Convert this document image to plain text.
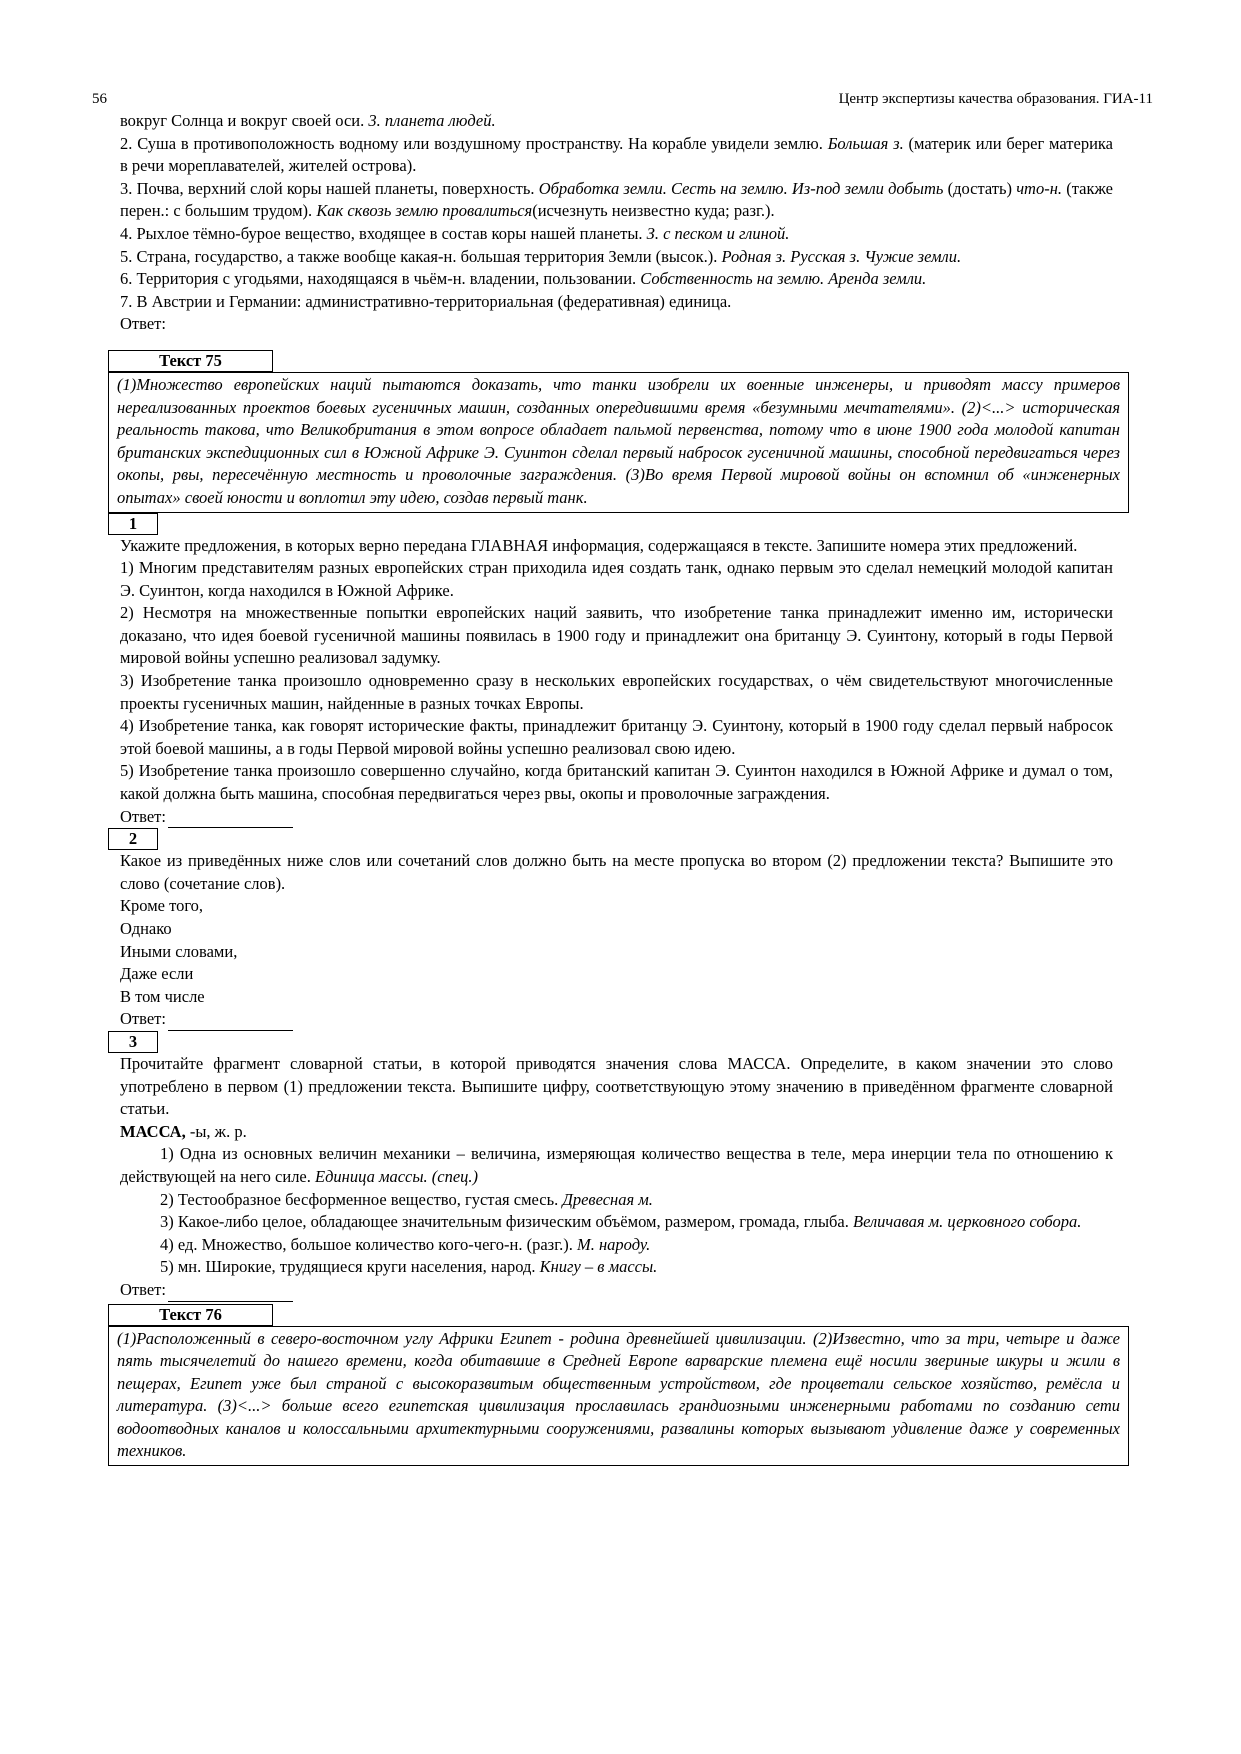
56	Центр экспертизы качества образования. ГИА-11

вокруг Солнца и вокруг своей оси. 3. планета людей.

2. Суша в противоположность водному или воздушному пространству. На корабле увидели землю. Большая з. (материк или берег материка в речи мореплавателей, жителей острова).

3. Почва, верхний слой коры нашей планеты, поверхность. Обработка земли. Сесть на землю. Из-под земли добыть (достать) что-н. (также перен.: с большим трудом). Как сквозь землю провалиться(исчезнуть неизвестно куда; разг.).

4. Рыхлое тёмно-бурое вещество, входящее в состав коры нашей планеты. З. с песком и глиной.

5. Страна, государство, а также вообще какая-н. большая территория Земли (высок.). Родная з. Русская з. Чужие земли.

6. Территория с угодьями, находящаяся в чьём-н. владении, пользовании. Собственность на землю. Аренда земли.

7. В Австрии и Германии: административно-территориальная (федеративная) единица.

Ответ:

Текст 75
(1)Множество европейских наций пытаются доказать, что танки изобрели их военные инженеры, и приводят массу примеров нереализованных проектов боевых гусеничных машин, созданных опередившими время «безумными мечтателями». (2)<...> историческая реальность такова, что Великобритания в этом вопросе обладает пальмой первенства, потому что в июне 1900 года молодой капитан британских экспедиционных сил в Южной Африке Э. Суинтон сделал первый набросок гусеничной машины, способной передвигаться через окопы, рвы, пересечённую местность и проволочные заграждения. (3)Во время Первой мировой войны он вспомнил об «инженерных опытах» своей юности и воплотил эту идею, создав первый танк.
1

Укажите предложения, в которых верно передана ГЛАВНАЯ информация, содержащаяся в тексте. Запишите номера этих предложений.

1) Многим представителям разных европейских стран приходила идея создать танк, однако первым это сделал немецкий молодой капитан Э. Суинтон, когда находился в Южной Африке.

2) Несмотря на множественные попытки европейских наций заявить, что изобретение танка принадлежит именно им, исторически доказано, что идея боевой гусеничной машины появилась в 1900 году и принадлежит она британцу Э. Суинтону, который в годы Первой мировой войны успешно реализовал задумку.

3) Изобретение танка произошло одновременно сразу в нескольких европейских государствах, о чём свидетельствуют многочисленные проекты гусеничных машин, найденные в разных точках Европы.

4) Изобретение танка, как говорят исторические факты, принадлежит британцу Э. Суинтону, который в 1900 году сделал первый набросок этой боевой машины, а в годы Первой мировой войны успешно реализовал свою идею.

5) Изобретение танка произошло совершенно случайно, когда британский капитан Э. Суинтон находился в Южной Африке и думал о том, какой должна быть машина, способная передвигаться через рвы, окопы и проволочные заграждения.

Ответ:

2

Какое из приведённых ниже слов или сочетаний слов должно быть на месте пропуска во втором (2) предложении текста? Выпишите это слово (сочетание слов).

Кроме того,

Однако

Иными словами,

Даже если

В том числе

Ответ:

3

Прочитайте фрагмент словарной статьи, в которой приводятся значения слова МАССА. Определите, в каком значении это слово употреблено в первом (1) предложении текста. Выпишите цифру, соответствующую этому значению в приведённом фрагменте словарной статьи.

МАССА, -ы, ж. р.

1) Одна из основных величин механики – величина, измеряющая количество вещества в теле, мера инерции тела по отношению к действующей на него силе. Единица массы. (спец.)

2) Тестообразное бесформенное вещество, густая смесь. Древесная м.

3) Какое-либо целое, обладающее значительным физическим объёмом, размером, громада, глыба. Величавая м. церковного собора.

4) ед. Множество, большое количество кого-чего-н. (разг.). М. народу.

5) мн. Широкие, трудящиеся круги населения, народ. Книгу – в массы.

Ответ:

Текст 76
(1)Расположенный в северо-восточном углу Африки Египет - родина древнейшей цивилизации. (2)Известно, что за три, четыре и даже пять тысячелетий до нашего времени, когда обитавшие в Средней Европе варварские племена ещё носили звериные шкуры и жили в пещерах, Египет уже был страной с высокоразвитым общественным устройством, где процветали сельское хозяйство, ремёсла и литература. (3)<...> больше всего египетская цивилизация прославилась грандиозными инженерными работами по созданию сети водоотводных каналов и колоссальными архитектурными сооружениями, развалины которых вызывают удивление даже у современных техников.
